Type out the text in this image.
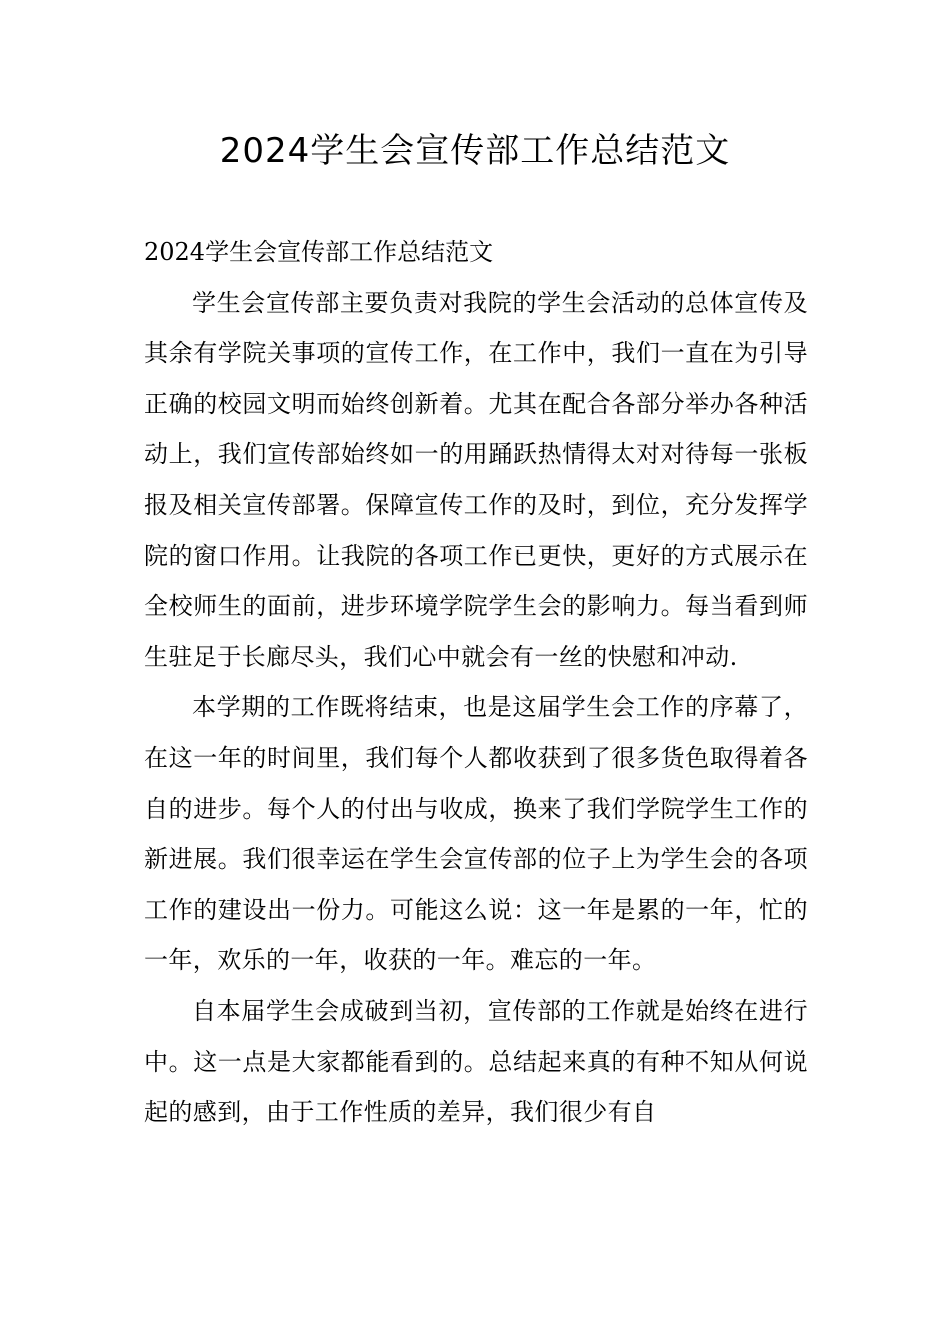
2024学生会宣传部工作总结范文

2024学生会宣传部工作总结范文

学生会宣传部主要负责对我院的学生会活动的总体宣传及其余有学院关事项的宣传工作，在工作中，我们一直在为引导正确的校园文明而始终创新着。尤其在配合各部分举办各种活动上，我们宣传部始终如一的用踊跃热情得太对对待每一张板报及相关宣传部署。保障宣传工作的及时，到位，充分发挥学院的窗口作用。让我院的各项工作已更快，更好的方式展示在全校师生的面前，进步环境学院学生会的影响力。每当看到师生驻足于长廊尽头，我们心中就会有一丝的快慰和冲动.

本学期的工作既将结束，也是这届学生会工作的序幕了，在这一年的时间里，我们每个人都收获到了很多货色取得着各自的进步。每个人的付出与收成，换来了我们学院学生工作的新进展。我们很幸运在学生会宣传部的位子上为学生会的各项工作的建设出一份力。可能这么说：这一年是累的一年，忙的一年，欢乐的一年，收获的一年。难忘的一年。

自本届学生会成破到当初，宣传部的工作就是始终在进行中。这一点是大家都能看到的。总结起来真的有种不知从何说起的感到，由于工作性质的差异，我们很少有自
